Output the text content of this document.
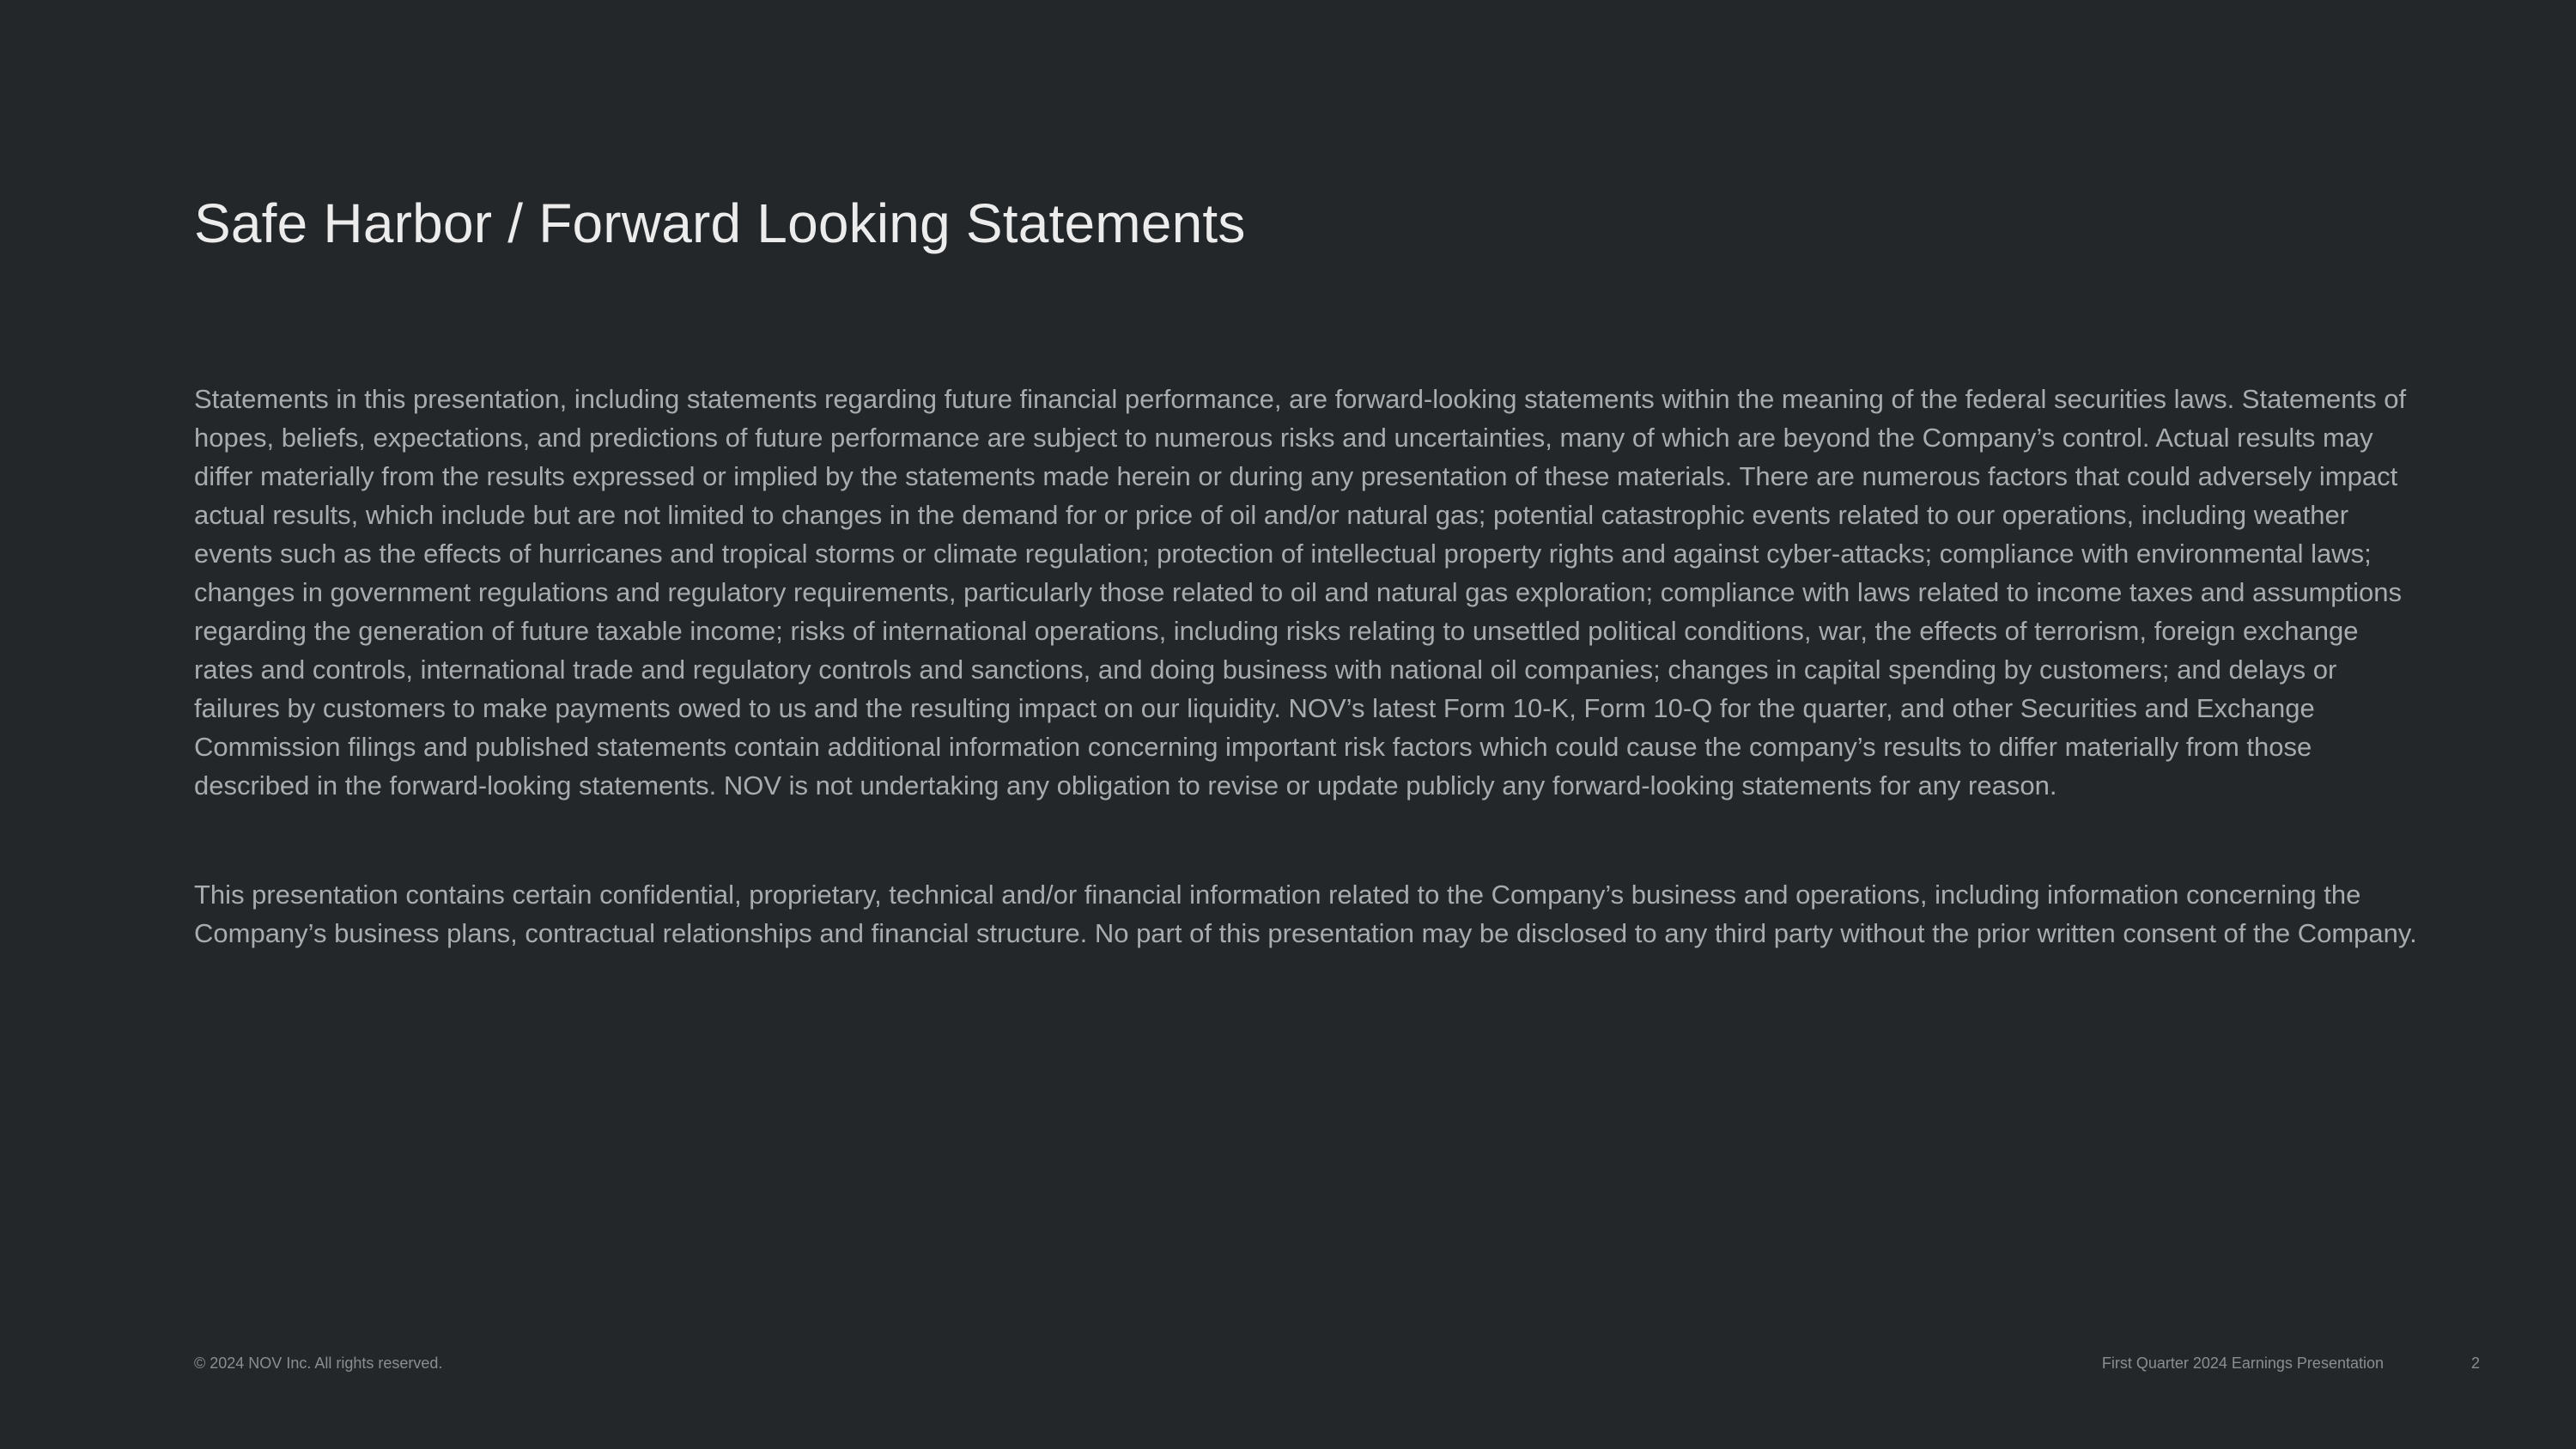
Safe Harbor / Forward Looking Statements

Statements in this presentation, including statements regarding future financial performance, are forward-looking statements within the meaning of the federal securities laws. Statements of hopes, beliefs, expectations, and predictions of future performance are subject to numerous risks and uncertainties, many of which are beyond the Company’s control. Actual results may differ materially from the results expressed or implied by the statements made herein or during any presentation of these materials. There are numerous factors that could adversely impact actual results, which include but are not limited to changes in the demand for or price of oil and/or natural gas; potential catastrophic events related to our operations, including weather events such as the effects of hurricanes and tropical storms or climate regulation; protection of intellectual property rights and against cyber-attacks; compliance with environmental laws; changes in government regulations and regulatory requirements, particularly those related to oil and natural gas exploration; compliance with laws related to income taxes and assumptions regarding the generation of future taxable income; risks of international operations, including risks relating to unsettled political conditions, war, the effects of terrorism, foreign exchange rates and controls, international trade and regulatory controls and sanctions, and doing business with national oil companies; changes in capital spending by customers; and delays or failures by customers to make payments owed to us and the resulting impact on our liquidity. NOV’s latest Form 10-K, Form 10-Q for the quarter, and other Securities and Exchange Commission filings and published statements contain additional information concerning important risk factors which could cause the company’s results to differ materially from those described in the forward-looking statements. NOV is not undertaking any obligation to revise or update publicly any forward-looking statements for any reason.

This presentation contains certain confidential, proprietary, technical and/or financial information related to the Company’s business and operations, including information concerning the Company’s business plans, contractual relationships and financial structure. No part of this presentation may be disclosed to any third party without the prior written consent of the Company.

© 2024 NOV Inc. All rights reserved.	First Quarter 2024 Earnings Presentation	2
